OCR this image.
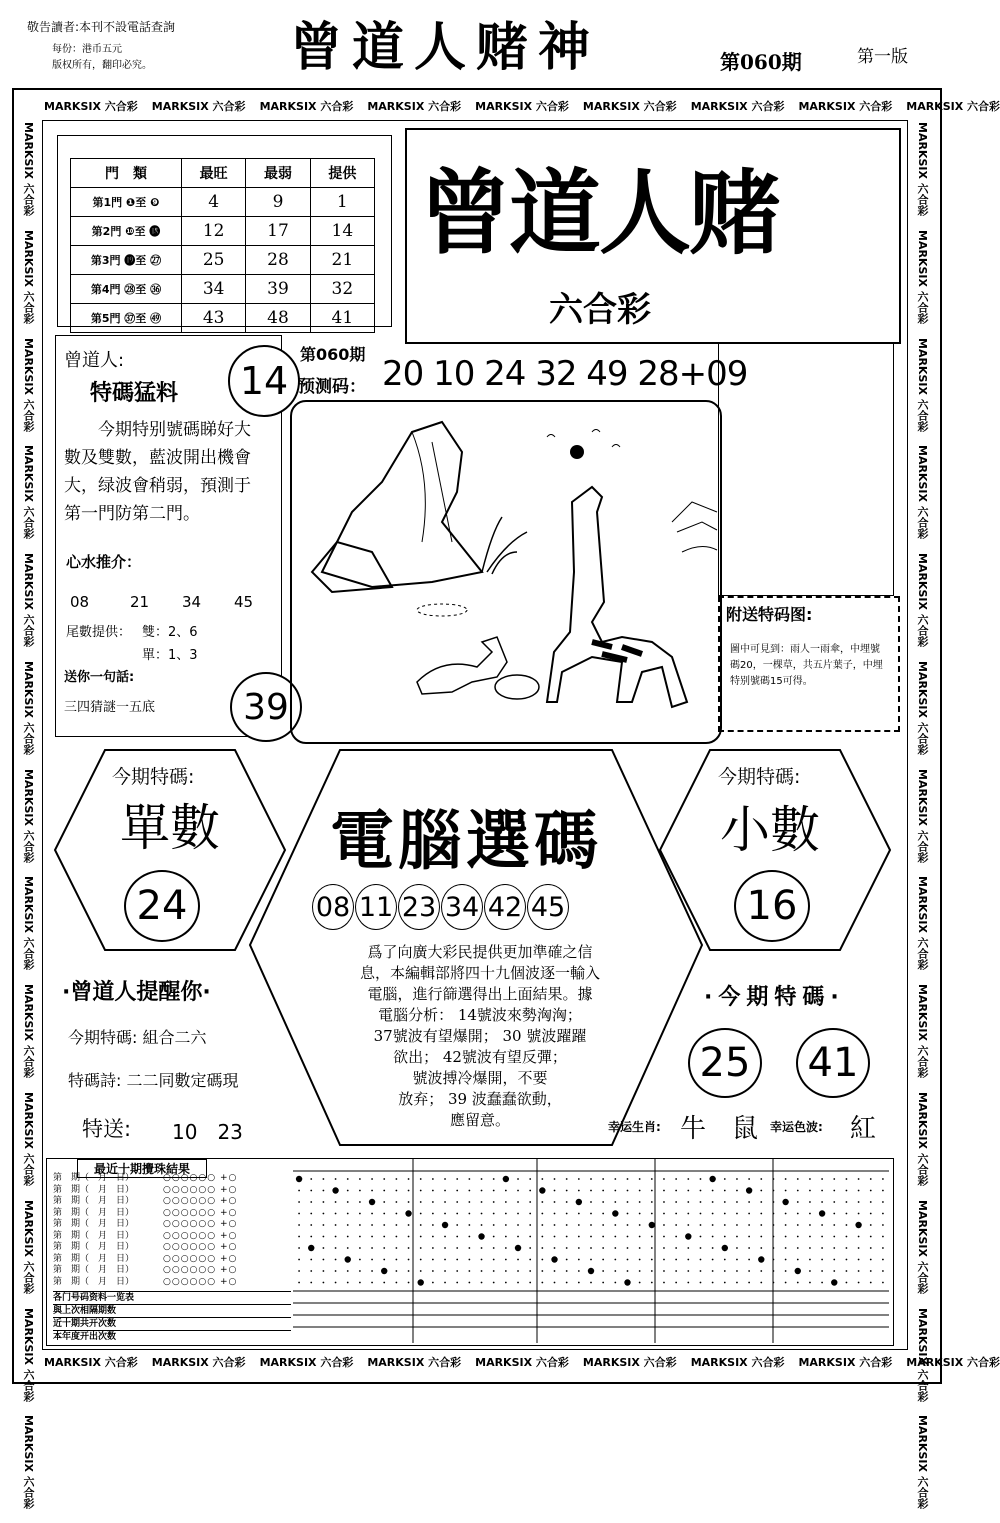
敬告讀者:本刊不設電話查詢
每份：港币五元
版权所有，翻印必究。	曾道人赌神	第060期	第一版
MARKSIX 六合彩 MARKSIX 六合彩 MARKSIX 六合彩 MARKSIX 六合彩 MARKSIX 六合彩 MARKSIX 六合彩 MARKSIX 六合彩 MARKSIX 六合彩 MARKSIX 六合彩
MARKSIX 六合彩 MARKSIX 六合彩 MARKSIX 六合彩 MARKSIX 六合彩 MARKSIX 六合彩 MARKSIX 六合彩 MARKSIX 六合彩 MARKSIX 六合彩 MARKSIX 六合彩
MARKSIX 六合彩MARKSIX 六合彩MARKSIX 六合彩MARKSIX 六合彩MARKSIX 六合彩MARKSIX 六合彩MARKSIX 六合彩MARKSIX 六合彩MARKSIX 六合彩MARKSIX 六合彩MARKSIX 六合彩MARKSIX 六合彩MARKSIX 六合彩
MARKSIX 六合彩MARKSIX 六合彩MARKSIX 六合彩MARKSIX 六合彩MARKSIX 六合彩MARKSIX 六合彩MARKSIX 六合彩MARKSIX 六合彩MARKSIX 六合彩MARKSIX 六合彩MARKSIX 六合彩MARKSIX 六合彩MARKSIX 六合彩
門　類	最旺	最弱	提供
第1門 ❶至 ❾	4	9	1
第2門 ❿至 ⓲	12	17	14
第3門 ⓳至 ㉗	25	28	21
第4門 ㉘至 ㊱	34	39	32
第5門 ㊲至 ㊾	43	48	41
曾道人赌
六合彩
曾道人:
特碼猛料
今期特别號碼睇好大數及雙數，藍波開出機會大，绿波會稍弱，預測于第一門防第二門。
心水推介：
08	21 34 45
尾數提供： 雙：2、6
單：1、3
送你一句話:
三四猜謎一五底
14
39
第060期
预测码： 20 10 24 32 49 28+09
附送特码图:
圖中可見到：雨人一雨傘，中埋號碼20，一棵草，共五片葉子，中埋特别號碼15可得。
今期特碼:
單數
24
今期特碼:
小數
16
電腦選碼
08 11 23 34 42 45
爲了向廣大彩民提供更加準確之信
息，本編輯部將四十九個波逐一輸入
電腦，進行篩選得出上面結果。據
電腦分析： 14號波來勢洶洶；
37號波有望爆開； 30 號波躍躍
欲出； 42號波有望反彈；
號波搏冷爆開，不要
放弃； 39 波蠢蠢欲動，
應留意。
·曾道人提醒你·
今期特碼: 組合二六
特碼詩: 二二同數定碼現
特送: 10　23
·今期特碼·
25 41
幸运生肖: 牛　鼠 幸运色波: 紅
最近十期攪珠結果
第　期（　月　日）	○○○○○○ +○
第　期（　月　日）	○○○○○○ +○
第　期（　月　日）	○○○○○○ +○
第　期（　月　日）	○○○○○○ +○
第　期（　月　日）	○○○○○○ +○
第　期（　月　日）	○○○○○○ +○
第　期（　月　日）	○○○○○○ +○
第　期（　月　日）	○○○○○○ +○
第　期（　月　日）	○○○○○○ +○
第　期（　月　日）	○○○○○○ +○
各门号码资料一览表
與上次相隔期数
近十期共开次数
本年度开出次数
